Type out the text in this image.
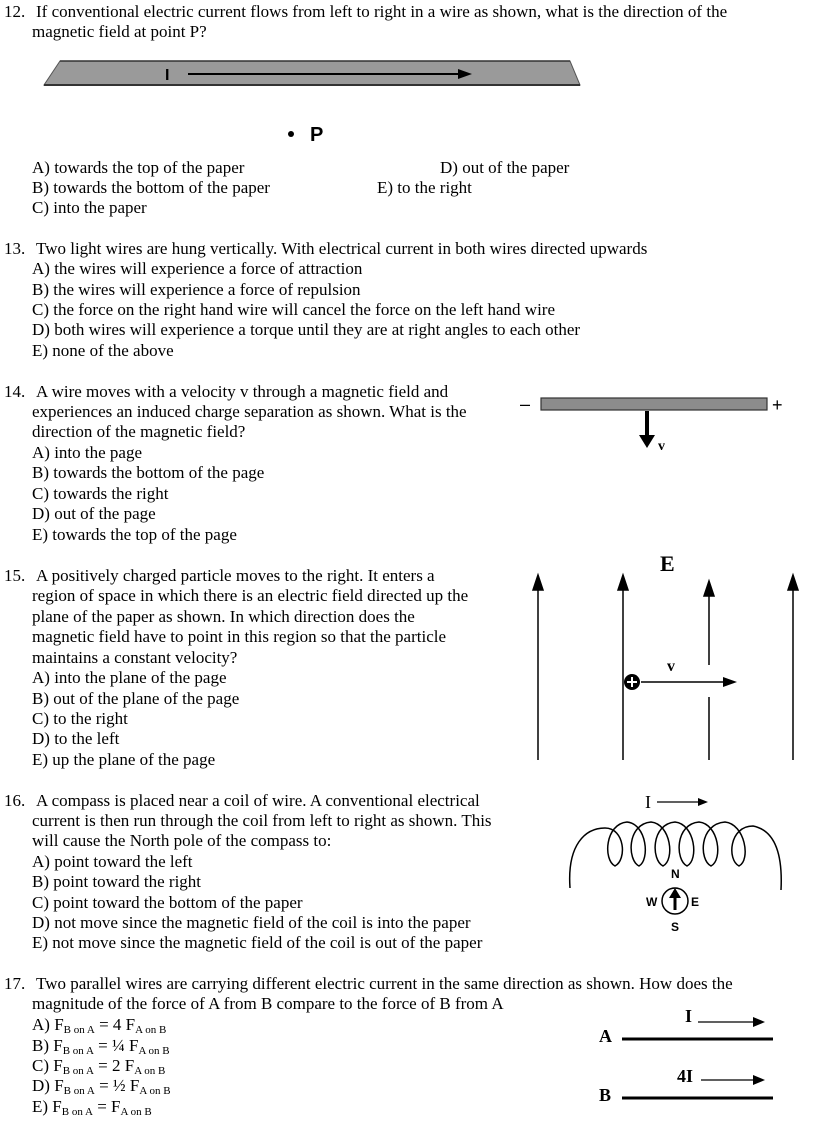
12. If conventional electric current flows from left to right in a wire as shown, what is the direction of the
magnetic field at point P?
I
P
A) towards the top of the paper	D) out of the paper
B) towards the bottom of the paper	E) to the right
C) into the paper
13. Two light wires are hung vertically. With electrical current in both wires directed upwards
A) the wires will experience a force of attraction
B) the wires will experience a force of repulsion
C) the force on the right hand wire will cancel the force on the left hand wire
D) both wires will experience a torque until they are at right angles to each other
E) none of the above
14. A wire moves with a velocity v through a magnetic field and
experiences an induced charge separation as shown. What is the
direction of the magnetic field?
A) into the page
B) towards the bottom of the page
C) towards the right
D) out of the page
E) towards the top of the page
–	+
v
15. A positively charged particle moves to the right. It enters a
region of space in which there is an electric field directed up the
plane of the paper as shown. In which direction does the
magnetic field have to point in this region so that the particle
maintains a constant velocity?
A) into the plane of the page
B) out of the plane of the page
C) to the right
D) to the left
E) up the plane of the page
E
v
16. A compass is placed near a coil of wire. A conventional electrical
current is then run through the coil from left to right as shown. This
will cause the North pole of the compass to:
A) point toward the left
B) point toward the right
C) point toward the bottom of the paper
D) not move since the magnetic field of the coil is into the paper
E) not move since the magnetic field of the coil is out of the paper
I
N
W	E
S
17. Two parallel wires are carrying different electric current in the same direction as shown. How does the
magnitude of the force of A from B compare to the force of B from A
A) $F_{B on A} = 4$ $F_{A on B}$
B) $F_{B on A}$ = ¼ $F_{A on B}$
C) $F_{B on A} = 2$ $F_{A on B}$
D) $F_{B on A}$ = ½ $F_{A on B}$
E) $F_{B on A} = F_{A on B}$
I
A
4I
B
